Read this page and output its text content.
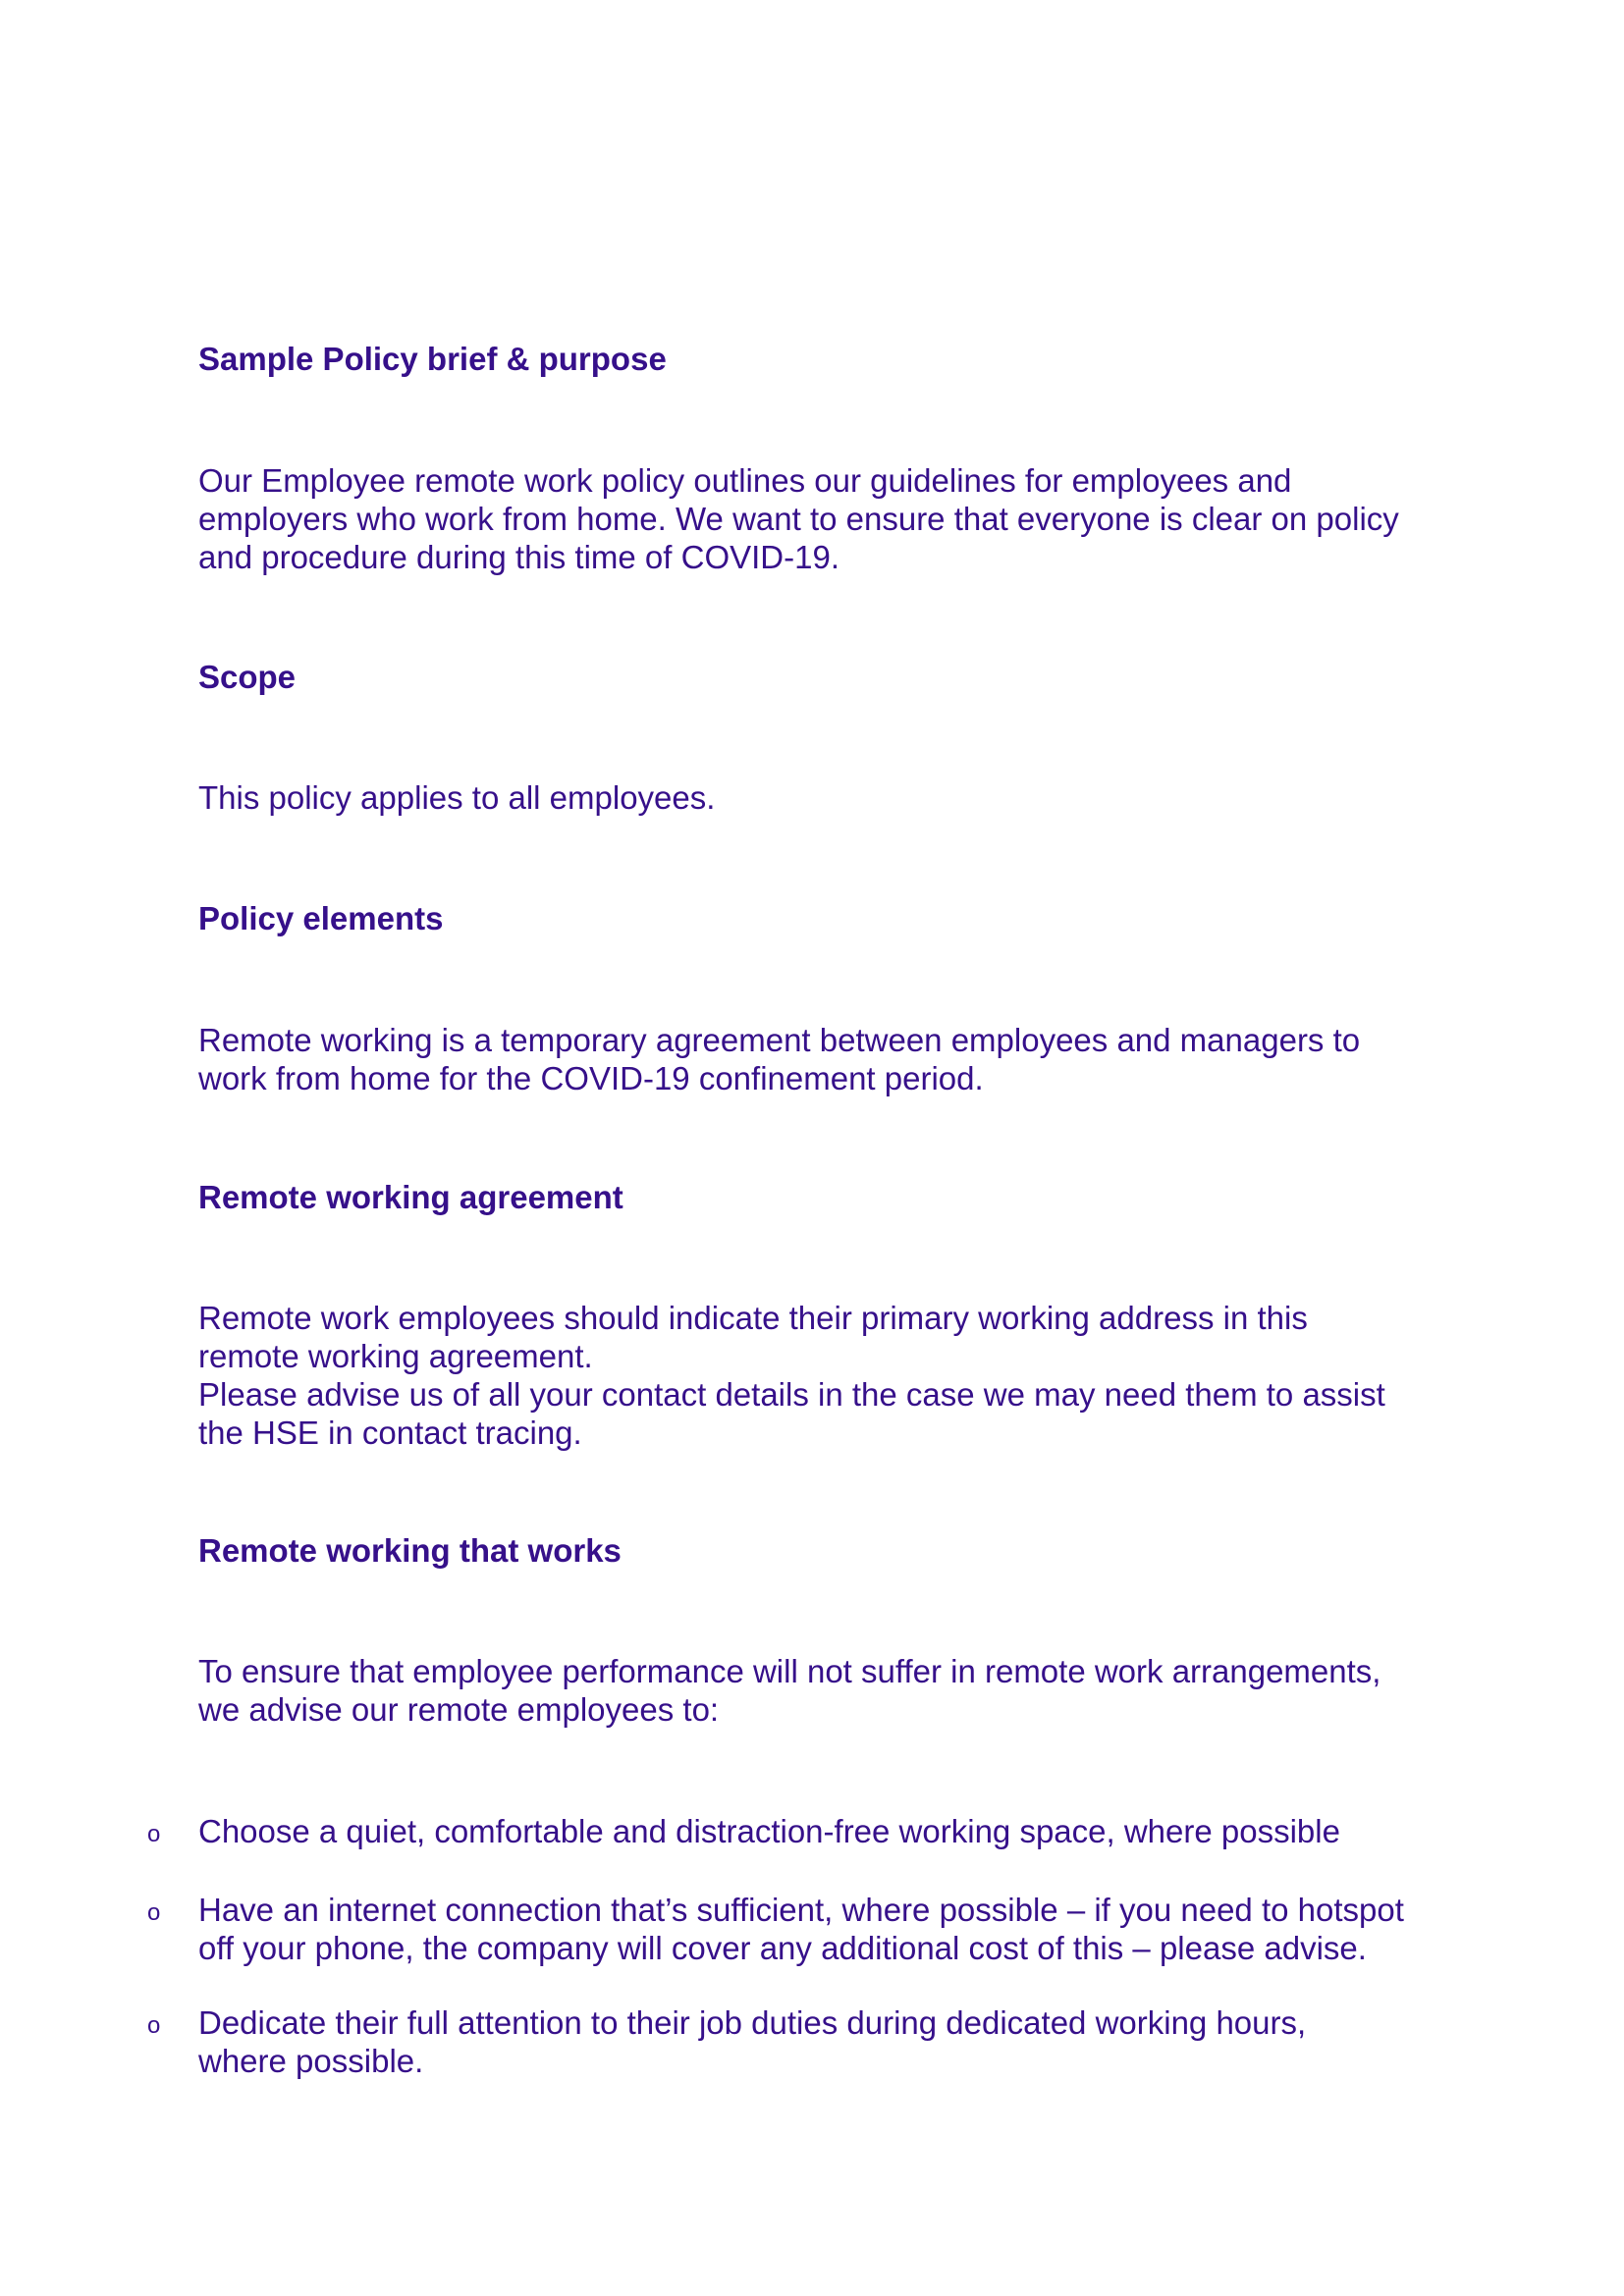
Sample Policy brief & purpose

Our Employee remote work policy outlines our guidelines for employees and
employers who work from home. We want to ensure that everyone is clear on policy
and procedure during this time of COVID-19.

Scope

This policy applies to all employees.

Policy elements

Remote working is a temporary agreement between employees and managers to
work from home for the COVID-19 confinement period.

Remote working agreement

Remote work employees should indicate their primary working address in this
remote working agreement.
Please advise us of all your contact details in the case we may need them to assist
the HSE in contact tracing.

Remote working that works

To ensure that employee performance will not suffer in remote work arrangements,
we advise our remote employees to:

o Choose a quiet, comfortable and distraction-free working space, where possible

o Have an internet connection that’s sufficient, where possible – if you need to hotspot
off your phone, the company will cover any additional cost of this – please advise.

o Dedicate their full attention to their job duties during dedicated working hours,
where possible.
